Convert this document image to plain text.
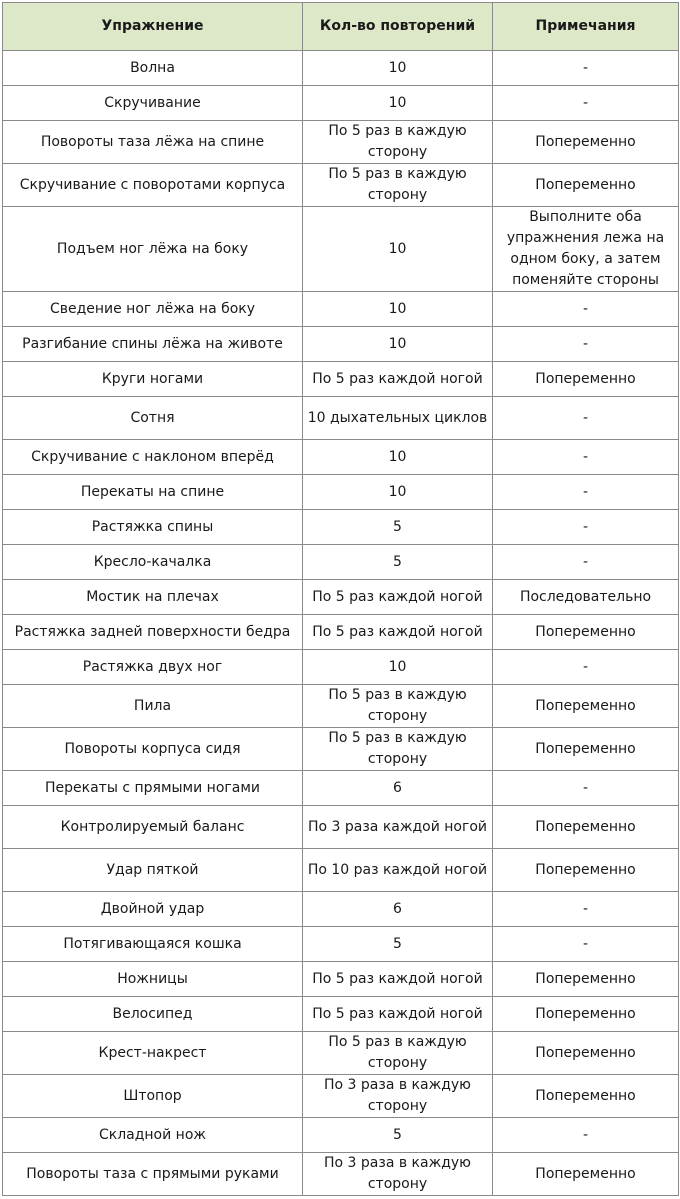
Упражнение	Кол-во повторений	Примечания
Волна	10	-
Скручивание	10	-
Повороты таза лёжа на спине	По 5 раз в каждую сторону	Попеременно
Скручивание с поворотами корпуса	По 5 раз в каждую сторону	Попеременно
Подъем ног лёжа на боку	10	Выполните оба упражнения лежа на одном боку, а затем поменяйте стороны
Сведение ног лёжа на боку	10	-
Разгибание спины лёжа на животе	10	-
Круги ногами	По 5 раз каждой ногой	Попеременно
Сотня	10 дыхательных циклов	-
Скручивание с наклоном вперёд	10	-
Перекаты на спине	10	-
Растяжка спины	5	-
Кресло-качалка	5	-
Мостик на плечах	По 5 раз каждой ногой	Последовательно
Растяжка задней поверхности бедра	По 5 раз каждой ногой	Попеременно
Растяжка двух ног	10	-
Пила	По 5 раз в каждую сторону	Попеременно
Повороты корпуса сидя	По 5 раз в каждую сторону	Попеременно
Перекаты с прямыми ногами	6	-
Контролируемый баланс	По 3 раза каждой ногой	Попеременно
Удар пяткой	По 10 раз каждой ногой	Попеременно
Двойной удар	6	-
Потягивающаяся кошка	5	-
Ножницы	По 5 раз каждой ногой	Попеременно
Велосипед	По 5 раз каждой ногой	Попеременно
Крест-накрест	По 5 раз в каждую сторону	Попеременно
Штопор	По 3 раза в каждую сторону	Попеременно
Складной нож	5	-
Повороты таза с прямыми руками	По 3 раза в каждую сторону	Попеременно
